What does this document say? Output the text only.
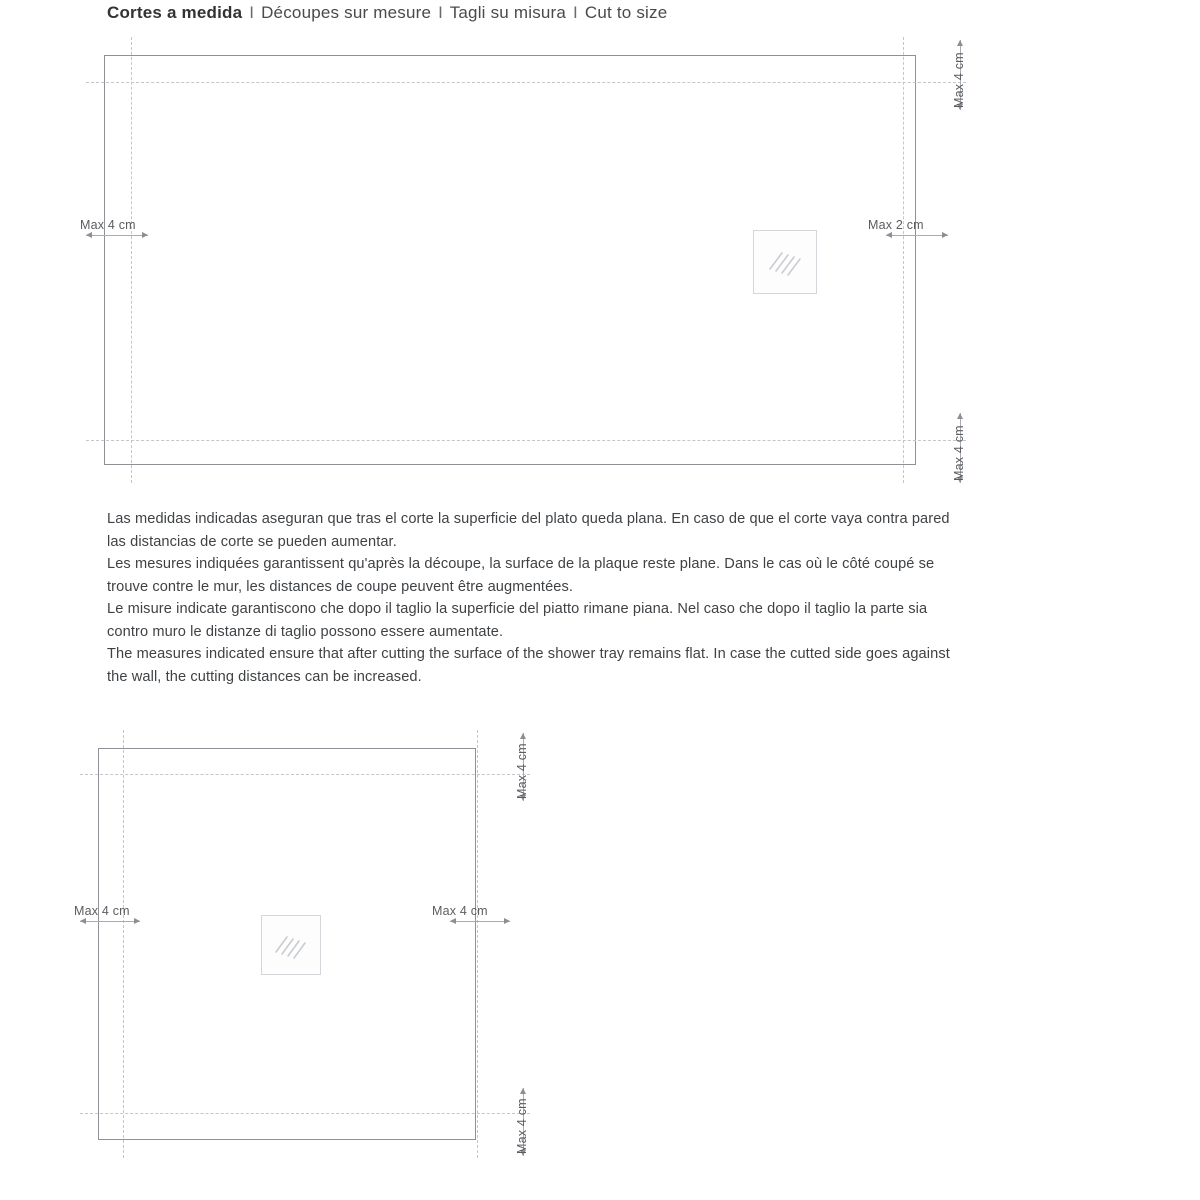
Cortes a medida I Découpes sur mesure I Tagli su misura I Cut to size
Max 4 cm
Max 4 cm
Max 4 cm	Max 2 cm

Las medidas indicadas aseguran que tras el corte la superficie del plato queda plana. En caso de que el corte vaya contra pared las distancias de corte se pueden aumentar.

Les mesures indiquées garantissent qu'après la découpe, la surface de la plaque reste plane. Dans le cas où le côté coupé se trouve contre le mur, les distances de coupe peuvent être augmentées.

Le misure indicate garantiscono che dopo il taglio la superficie del piatto rimane piana. Nel caso che dopo il taglio la parte sia contro muro le distanze di taglio possono essere aumentate.

The measures indicated ensure that after cutting the surface of the shower tray remains flat. In case the cutted side goes against the wall, the cutting distances can be increased.

Max 4 cm
Max 4 cm
Max 4 cm	Max 4 cm
